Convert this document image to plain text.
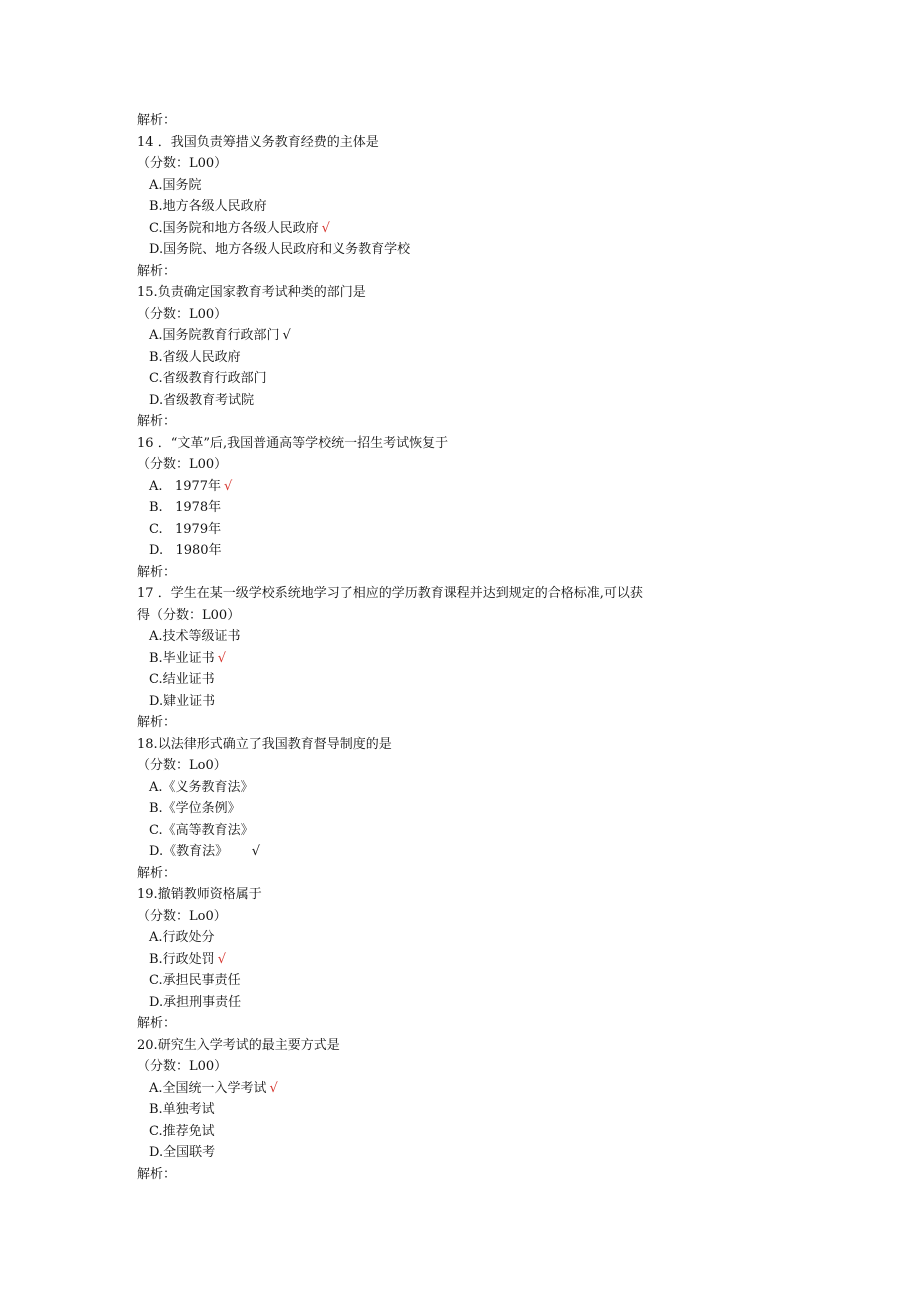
解析：
14 ．我国负责筹措义务教育经费的主体是
（分数：L00）
A.国务院
B.地方各级人民政府
C.国务院和地方各级人民政府 √
D.国务院、地方各级人民政府和义务教育学校
解析：
15.负责确定国家教育考试种类的部门是
（分数：L00）
A.国务院教育行政部门 √
B.省级人民政府
C.省级教育行政部门
D.省级教育考试院
解析：
16 ．“文革”后,我国普通高等学校统一招生考试恢复于
（分数：L00）
A.   1977年 √
B.   1978年
C.   1979年
D.   1980年
解析：
17 ．学生在某一级学校系统地学习了相应的学历教育课程并达到规定的合格标准,可以获
得（分数：L00）
A.技术等级证书
B.毕业证书 √
C.结业证书
D.肄业证书
解析：
18.以法律形式确立了我国教育督导制度的是
（分数：Lo0）
A.《义务教育法》
B.《学位条例》
C.《高等教育法》
D.《教育法》     √
解析：
19.撤销教师资格属于
（分数：Lo0）
A.行政处分
B.行政处罚 √
C.承担民事责任
D.承担刑事责任
解析：
20.研究生入学考试的最主要方式是
（分数：L00）
A.全国统一入学考试 √
B.单独考试
C.推荐免试
D.全国联考
解析：
